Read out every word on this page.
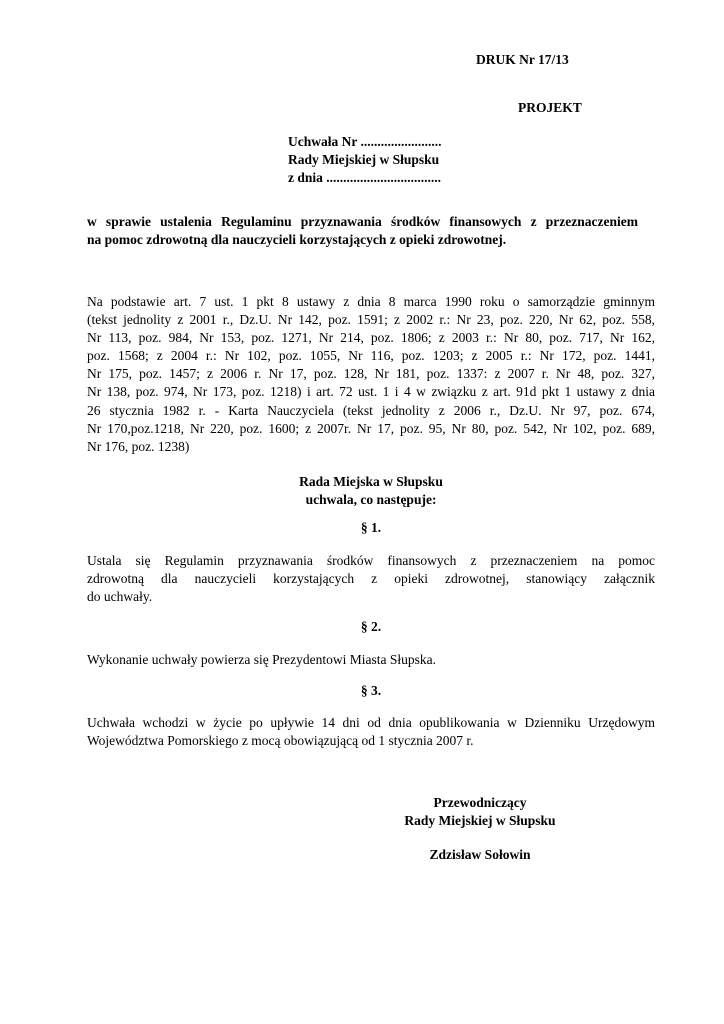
DRUK Nr 17/13

PROJEKT

Uchwała Nr ........................
Rady Miejskiej w Słupsku
z dnia ..................................
w sprawie ustalenia Regulaminu przyznawania środków finansowych z przeznaczeniem
na pomoc zdrowotną dla nauczycieli korzystających z opieki zdrowotnej.
Na podstawie art. 7 ust. 1 pkt 8 ustawy z dnia 8 marca 1990 roku o samorządzie gminnym
(tekst jednolity z 2001 r., Dz.U. Nr 142, poz. 1591; z 2002 r.: Nr 23, poz. 220, Nr 62, poz. 558,
Nr 113, poz. 984, Nr 153, poz. 1271, Nr 214, poz. 1806; z 2003 r.: Nr 80, poz. 717, Nr 162,
poz. 1568; z 2004 r.: Nr 102, poz. 1055, Nr 116, poz. 1203; z 2005 r.: Nr 172, poz. 1441,
Nr 175, poz. 1457; z 2006 r. Nr 17, poz. 128, Nr 181, poz. 1337: z 2007 r. Nr 48, poz. 327,
Nr 138, poz. 974, Nr 173, poz. 1218) i art. 72 ust. 1 i 4 w związku z art. 91d pkt 1 ustawy z dnia
26 stycznia 1982 r. - Karta Nauczyciela (tekst jednolity z 2006 r., Dz.U. Nr 97, poz. 674,
Nr 170,poz.1218, Nr 220, poz. 1600; z 2007r. Nr 17, poz. 95, Nr 80, poz. 542, Nr 102, poz. 689,
Nr 176, poz. 1238)
Rada Miejska w Słupsku
uchwala, co następuje:
§ 1.
Ustala się Regulamin przyznawania środków finansowych z przeznaczeniem na pomoc
zdrowotną dla nauczycieli korzystających z opieki zdrowotnej, stanowiący załącznik
do uchwały.
§ 2.
Wykonanie uchwały powierza się Prezydentowi Miasta Słupska.
§ 3.
Uchwała wchodzi w życie po upływie 14 dni od dnia opublikowania w Dzienniku Urzędowym
Województwa Pomorskiego z mocą obowiązującą od 1 stycznia 2007 r.
Przewodniczący
Rady Miejskiej w Słupsku
Zdzisław Sołowin
